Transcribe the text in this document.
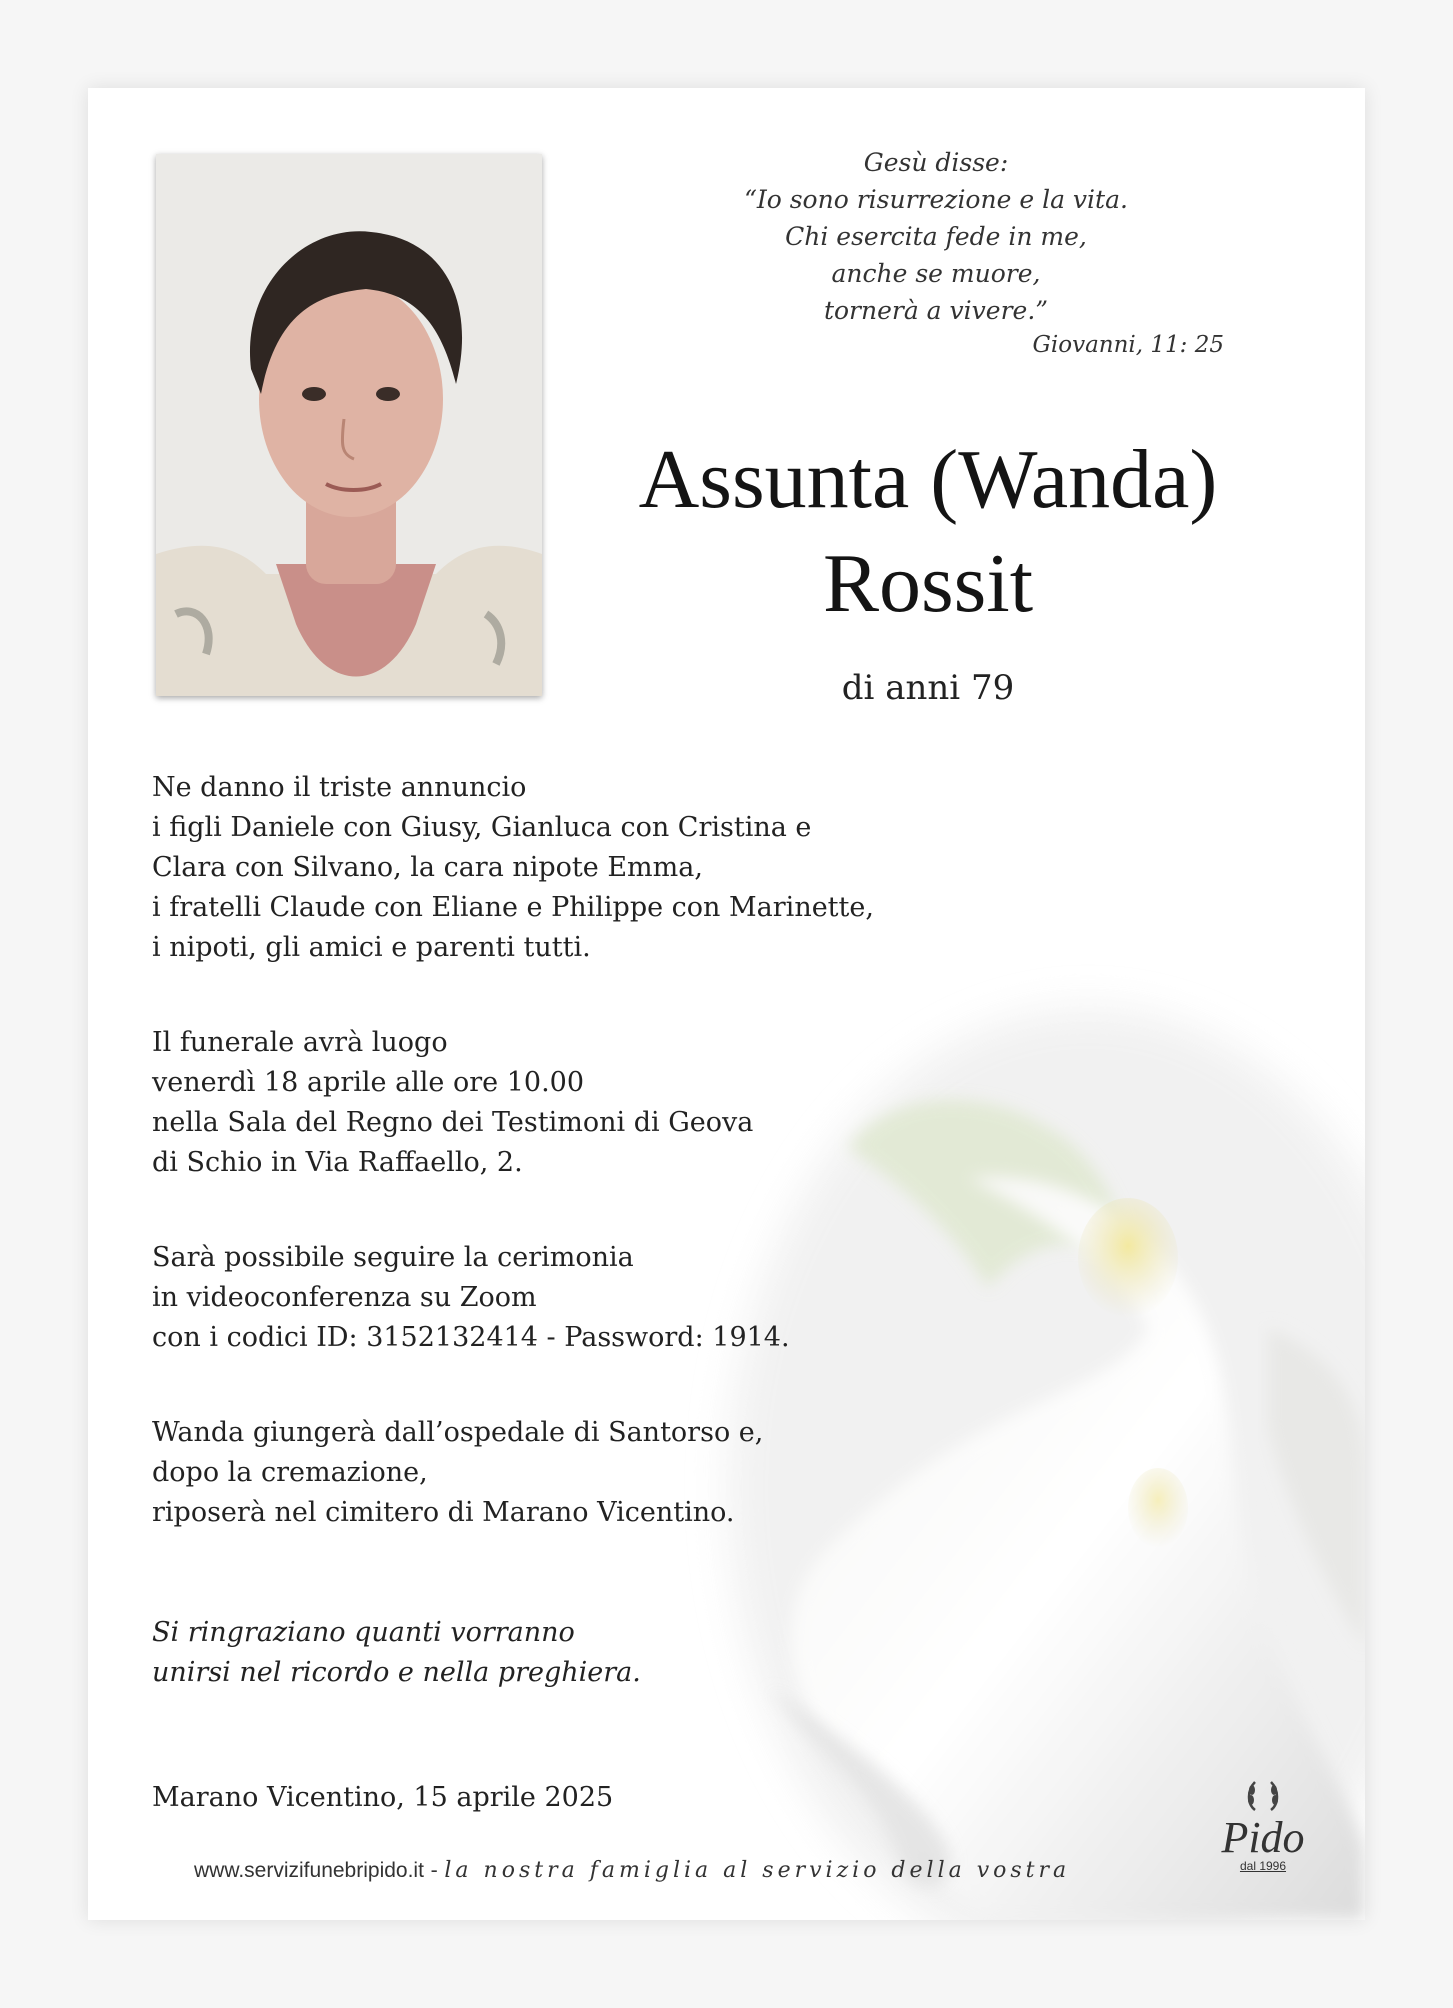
Gesù disse:
“Io sono risurrezione e la vita.
Chi esercita fede in me,
anche se muore,
tornerà a vivere.”
Giovanni, 11: 25
Assunta (Wanda)
Rossit
di anni 79
Ne danno il triste annuncio
i figli Daniele con Giusy, Gianluca con Cristina e
Clara con Silvano, la cara nipote Emma,
i fratelli Claude con Eliane e Philippe con Marinette,
i nipoti, gli amici e parenti tutti.
Il funerale avrà luogo
venerdì 18 aprile alle ore 10.00
nella Sala del Regno dei Testimoni di Geova
di Schio in Via Raffaello, 2.
Sarà possibile seguire la cerimonia
in videoconferenza su Zoom
con i codici ID: 3152132414 - Password: 1914.
Wanda giungerà dall’ospedale di Santorso e,
dopo la cremazione,
riposerà nel cimitero di Marano Vicentino.
Si ringraziano quanti vorranno
unirsi nel ricordo e nella preghiera.
Marano Vicentino, 15 aprile 2025
www.servizifunebripido.it - la nostra famiglia al servizio della vostra
Pido
dal 1996
